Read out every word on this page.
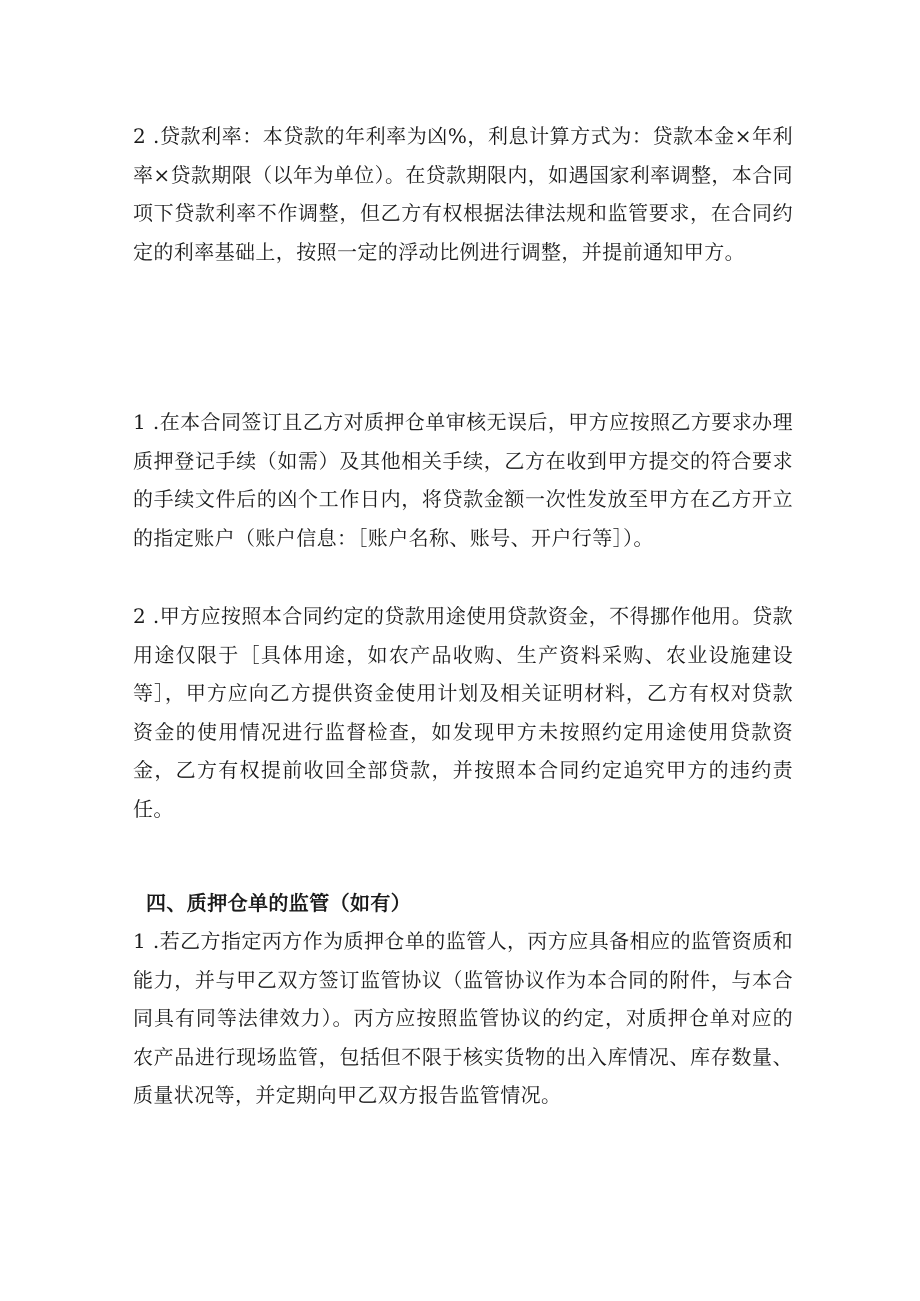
2 .贷款利率：本贷款的年利率为凶%，利息计算方式为：贷款本金×年利率×贷款期限（以年为单位）。在贷款期限内，如遇国家利率调整，本合同项下贷款利率不作调整，但乙方有权根据法律法规和监管要求，在合同约定的利率基础上，按照一定的浮动比例进行调整，并提前通知甲方。

1 .在本合同签订且乙方对质押仓单审核无误后，甲方应按照乙方要求办理质押登记手续（如需）及其他相关手续，乙方在收到甲方提交的符合要求的手续文件后的凶个工作日内，将贷款金额一次性发放至甲方在乙方开立的指定账户（账户信息：［账户名称、账号、开户行等］）。

2 .甲方应按照本合同约定的贷款用途使用贷款资金，不得挪作他用。贷款用途仅限于［具体用途，如农产品收购、生产资料采购、农业设施建设等］，甲方应向乙方提供资金使用计划及相关证明材料，乙方有权对贷款资金的使用情况进行监督检查，如发现甲方未按照约定用途使用贷款资金，乙方有权提前收回全部贷款，并按照本合同约定追究甲方的违约责任。

四、质押仓单的监管（如有）

1 .若乙方指定丙方作为质押仓单的监管人，丙方应具备相应的监管资质和能力，并与甲乙双方签订监管协议（监管协议作为本合同的附件，与本合同具有同等法律效力）。丙方应按照监管协议的约定，对质押仓单对应的农产品进行现场监管，包括但不限于核实货物的出入库情况、库存数量、质量状况等，并定期向甲乙双方报告监管情况。
